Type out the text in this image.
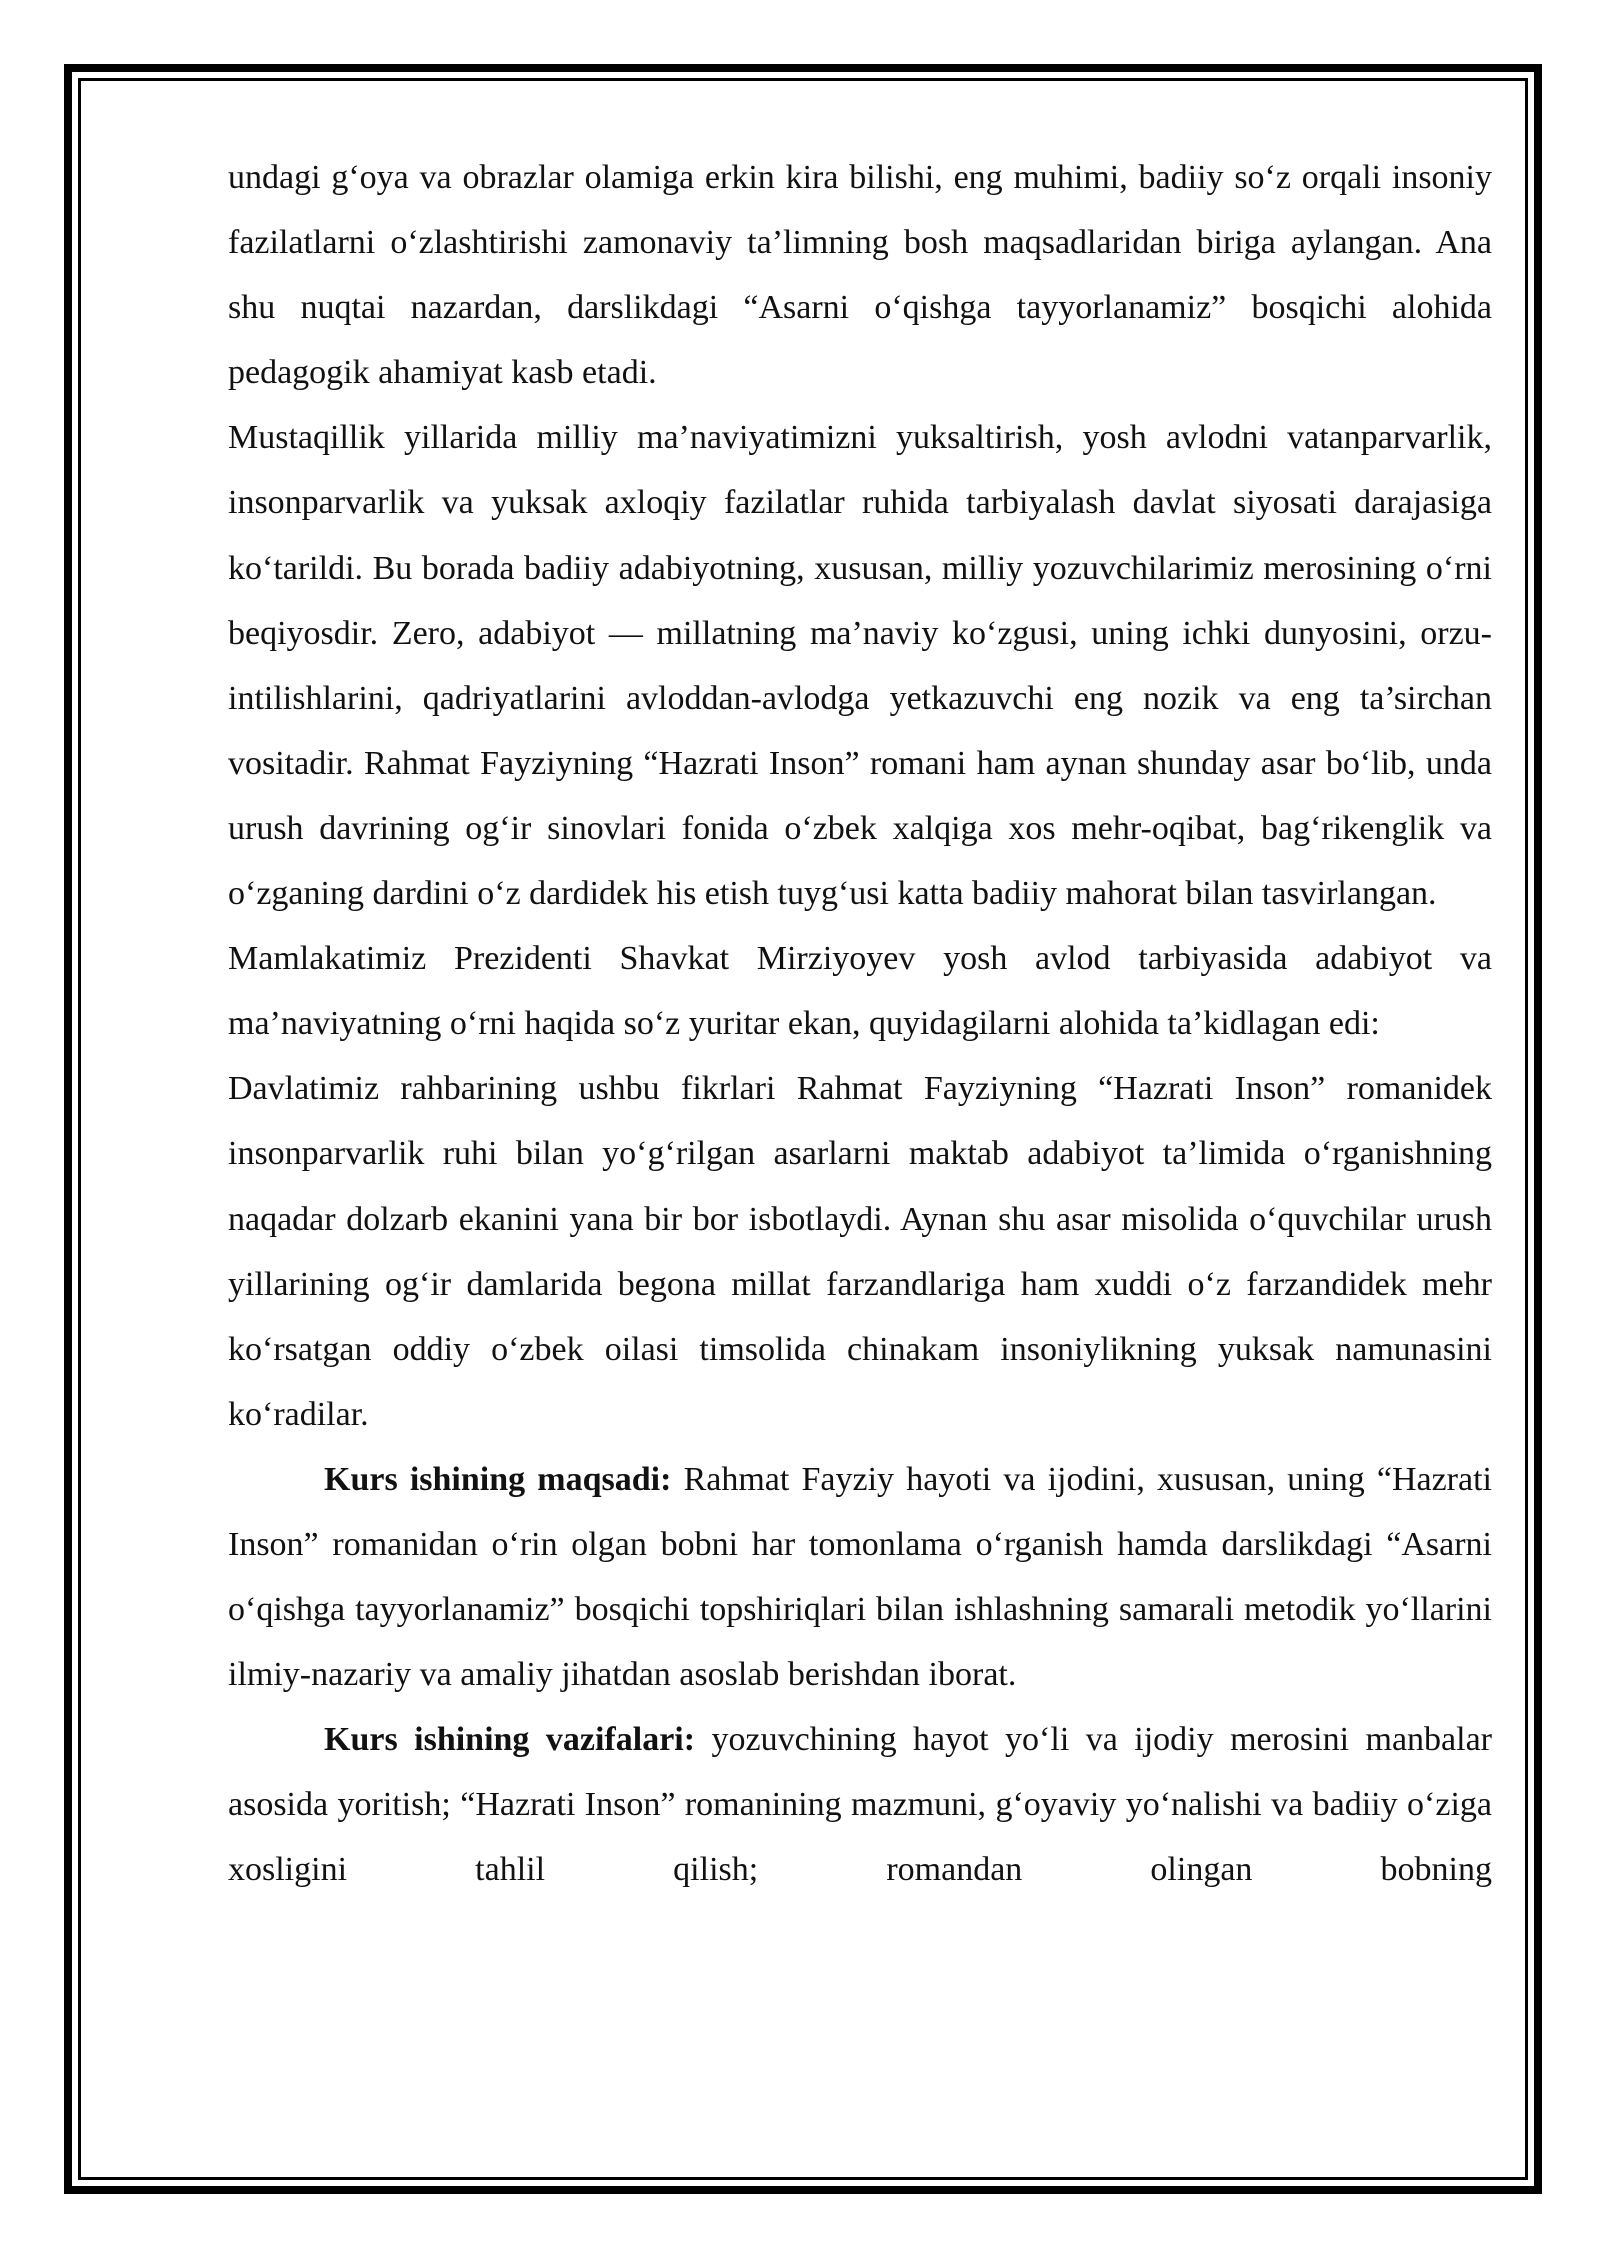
undagi g‘oya va obrazlar olamiga erkin kira bilishi, eng muhimi, badiiy so‘z orqali insoniy fazilatlarni o‘zlashtirishi zamonaviy ta’limning bosh maqsadlaridan biriga aylangan. Ana shu nuqtai nazardan, darslikdagi “Asarni o‘qishga tayyorlanamiz” bosqichi alohida pedagogik ahamiyat kasb etadi.

Mustaqillik yillarida milliy ma’naviyatimizni yuksaltirish, yosh avlodni vatanparvarlik, insonparvarlik va yuksak axloqiy fazilatlar ruhida tarbiyalash davlat siyosati darajasiga ko‘tarildi. Bu borada badiiy adabiyotning, xususan, milliy yozuvchilarimiz merosining o‘rni beqiyosdir. Zero, adabiyot — millatning ma’naviy ko‘zgusi, uning ichki dunyosini, orzu-intilishlarini, qadriyatlarini avloddan-avlodga yetkazuvchi eng nozik va eng ta’sirchan vositadir. Rahmat Fayziyning “Hazrati Inson” romani ham aynan shunday asar bo‘lib, unda urush davrining og‘ir sinovlari fonida o‘zbek xalqiga xos mehr-oqibat, bag‘rikenglik va o‘zganing dardini o‘z dardidek his etish tuyg‘usi katta badiiy mahorat bilan tasvirlangan.

Mamlakatimiz Prezidenti Shavkat Mirziyoyev yosh avlod tarbiyasida adabiyot va ma’naviyatning o‘rni haqida so‘z yuritar ekan, quyidagilarni alohida ta’kidlagan edi:

Davlatimiz rahbarining ushbu fikrlari Rahmat Fayziyning “Hazrati Inson” romanidek insonparvarlik ruhi bilan yo‘g‘rilgan asarlarni maktab adabiyot ta’limida o‘rganishning naqadar dolzarb ekanini yana bir bor isbotlaydi. Aynan shu asar misolida o‘quvchilar urush yillarining og‘ir damlarida begona millat farzandlariga ham xuddi o‘z farzandidek mehr ko‘rsatgan oddiy o‘zbek oilasi timsolida chinakam insoniylikning yuksak namunasini ko‘radilar.

Kurs ishining maqsadi: Rahmat Fayziy hayoti va ijodini, xususan, uning “Hazrati Inson” romanidan o‘rin olgan bobni har tomonlama o‘rganish hamda darslikdagi “Asarni o‘qishga tayyorlanamiz” bosqichi topshiriqlari bilan ishlashning samarali metodik yo‘llarini ilmiy-nazariy va amaliy jihatdan asoslab berishdan iborat.

Kurs ishining vazifalari: yozuvchining hayot yo‘li va ijodiy merosini manbalar asosida yoritish; “Hazrati Inson” romanining mazmuni, g‘oyaviy yo‘nalishi va badiiy o‘ziga xosligini tahlil qilish; romandan olingan bobning
